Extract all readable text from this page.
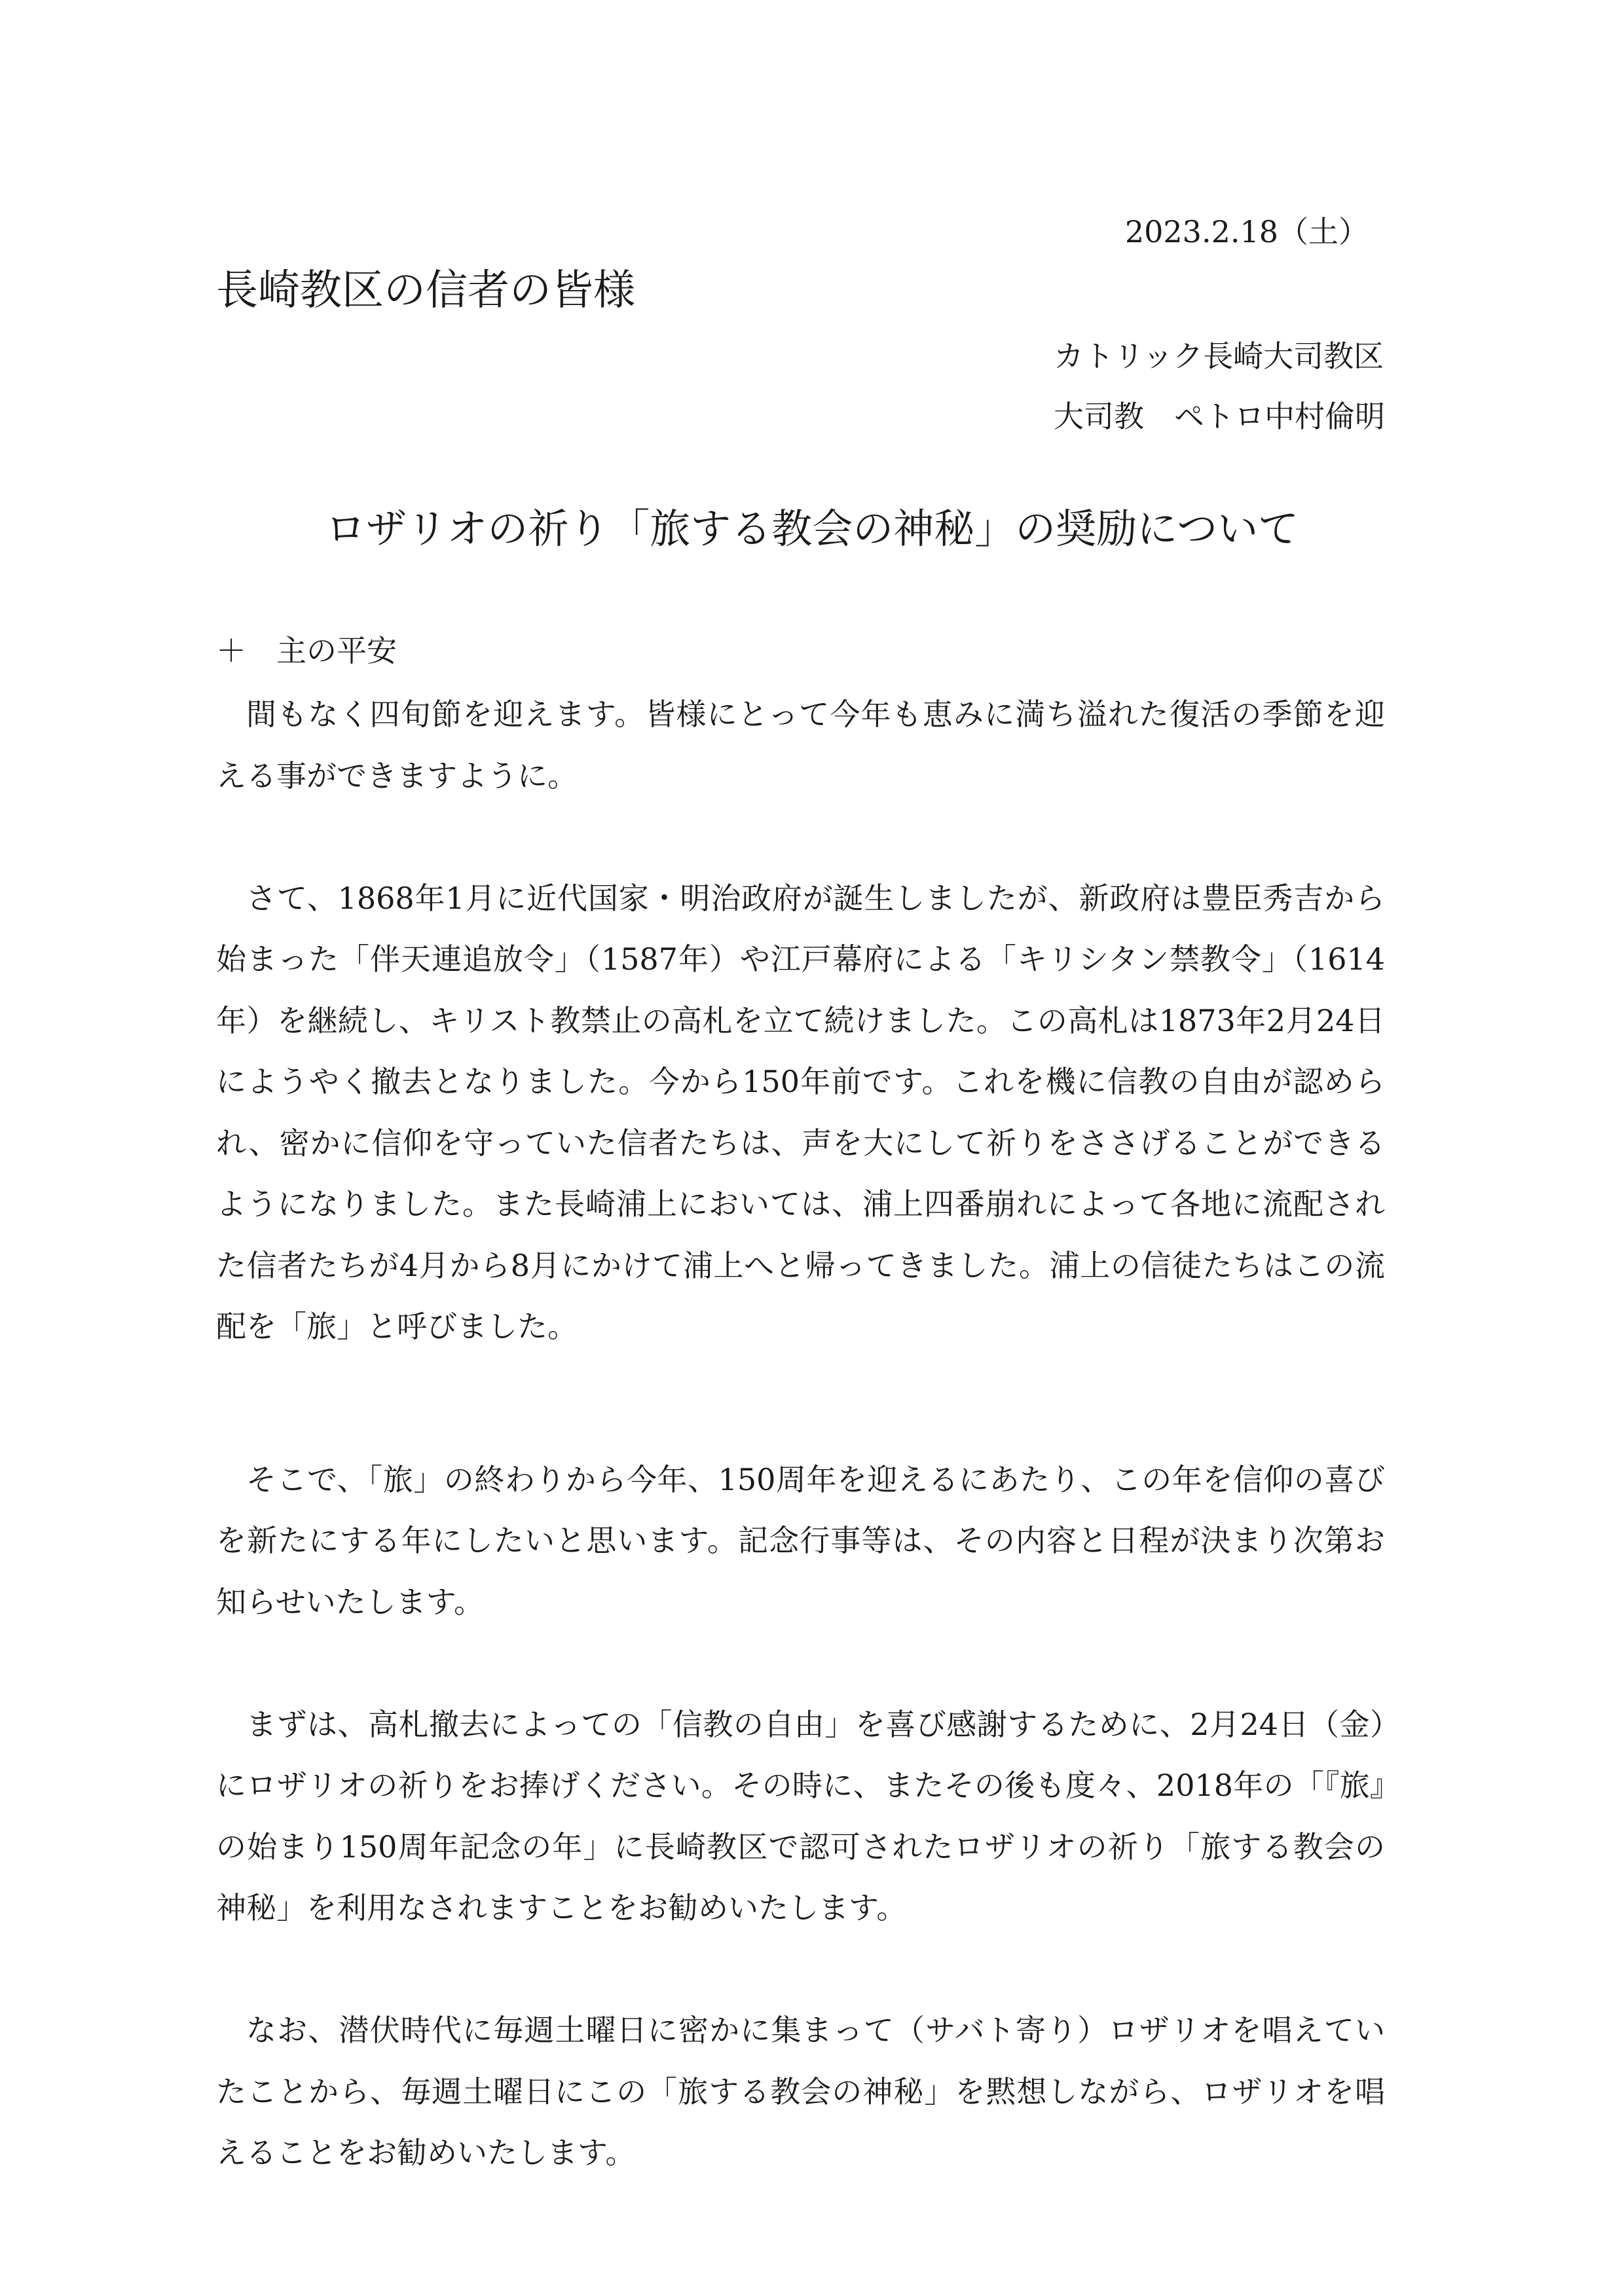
2023.2.18（土）
長崎教区の信者の皆様
カトリック長崎大司教区
大司教　ペトロ中村倫明
ロザリオの祈り「旅する教会の神秘」の奨励について
＋　主の平安

間もなく四旬節を迎えます。皆様にとって今年も恵みに満ち溢れた復活の季節を迎える事ができますように。

さて、1868年1月に近代国家・明治政府が誕生しましたが、新政府は豊臣秀吉から始まった「伴天連追放令」（1587年）や江戸幕府による「キリシタン禁教令」（1614年）を継続し、キリスト教禁止の高札を立て続けました。この高札は1873年2月24日にようやく撤去となりました。今から150年前です。これを機に信教の自由が認められ、密かに信仰を守っていた信者たちは、声を大にして祈りをささげることができるようになりました。また長崎浦上においては、浦上四番崩れによって各地に流配された信者たちが4月から8月にかけて浦上へと帰ってきました。浦上の信徒たちはこの流配を「旅」と呼びました。

そこで、「旅」の終わりから今年、150周年を迎えるにあたり、この年を信仰の喜びを新たにする年にしたいと思います。記念行事等は、その内容と日程が決まり次第お知らせいたします。

まずは、高札撤去によっての「信教の自由」を喜び感謝するために、2月24日（金）にロザリオの祈りをお捧げください。その時に、またその後も度々、2018年の「『旅』の始まり150周年記念の年」に長崎教区で認可されたロザリオの祈り「旅する教会の神秘」を利用なされますことをお勧めいたします。

なお、潜伏時代に毎週土曜日に密かに集まって（サバト寄り）ロザリオを唱えていたことから、毎週土曜日にこの「旅する教会の神秘」を黙想しながら、ロザリオを唱えることをお勧めいたします。
